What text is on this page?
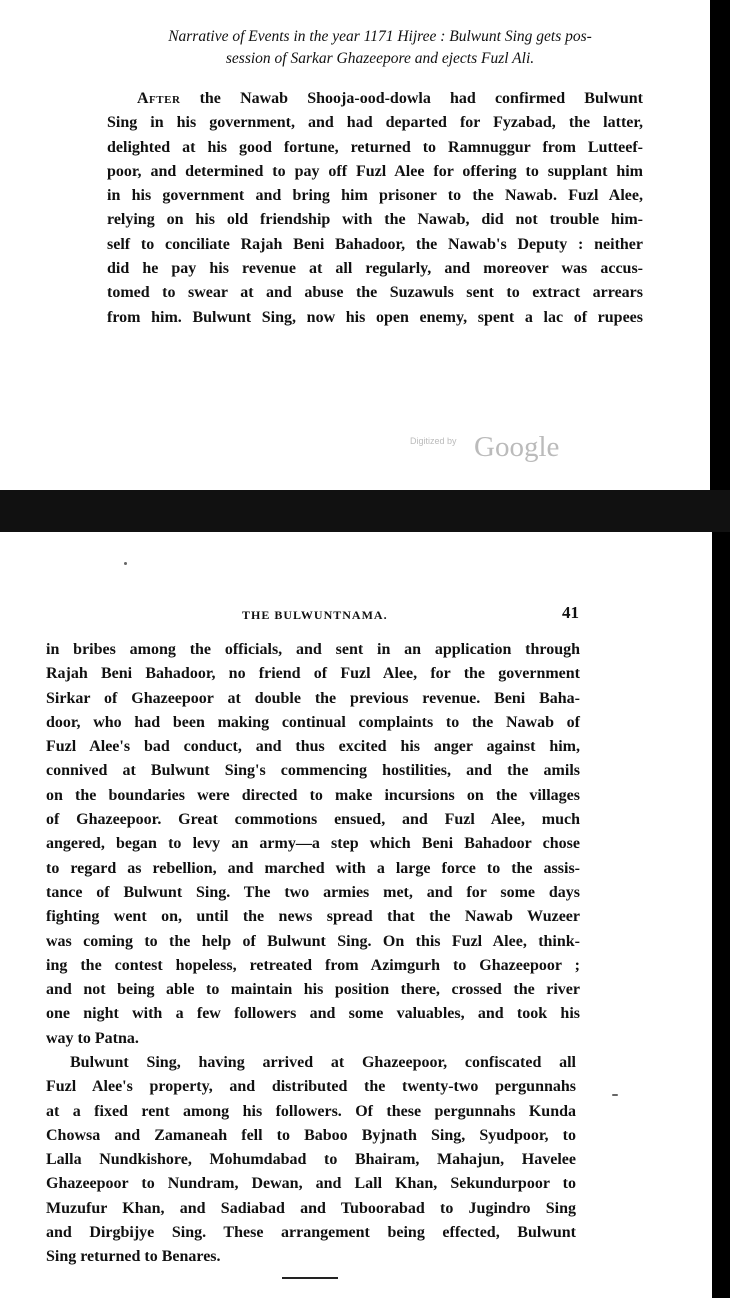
Narrative of Events in the year 1171 Hijree : Bulwunt Sing gets pos-
session of Sarkar Ghazeepore and ejects Fuzl Ali.

After the Nawab Shooja-ood-dowla had confirmed Bulwunt
Sing in his government, and had departed for Fyzabad, the latter,
delighted at his good fortune, returned to Ramnuggur from Lutteef-
poor, and determined to pay off Fuzl Alee for offering to supplant him
in his government and bring him prisoner to the Nawab. Fuzl Alee,
relying on his old friendship with the Nawab, did not trouble him-
self to conciliate Rajah Beni Bahadoor, the Nawab's Deputy : neither
did he pay his revenue at all regularly, and moreover was accus-
tomed to swear at and abuse the Suzawuls sent to extract arrears
from him. Bulwunt Sing, now his open enemy, spent a lac of rupees

Digitized by Google
THE BULWUNTNAMA.	41

in bribes among the officials, and sent in an application through
Rajah Beni Bahadoor, no friend of Fuzl Alee, for the government
Sirkar of Ghazeepoor at double the previous revenue. Beni Baha-
door, who had been making continual complaints to the Nawab of
Fuzl Alee's bad conduct, and thus excited his anger against him,
connived at Bulwunt Sing's commencing hostilities, and the amils
on the boundaries were directed to make incursions on the villages
of Ghazeepoor. Great commotions ensued, and Fuzl Alee, much
angered, began to levy an army—a step which Beni Bahadoor chose
to regard as rebellion, and marched with a large force to the assis-
tance of Bulwunt Sing. The two armies met, and for some days
fighting went on, until the news spread that the Nawab Wuzeer
was coming to the help of Bulwunt Sing. On this Fuzl Alee, think-
ing the contest hopeless, retreated from Azimgurh to Ghazeepoor ;
and not being able to maintain his position there, crossed the river
one night with a few followers and some valuables, and took his
way to Patna.

Bulwunt Sing, having arrived at Ghazeepoor, confiscated all
Fuzl Alee's property, and distributed the twenty-two pergunnahs
at a fixed rent among his followers. Of these pergunnahs Kunda
Chowsa and Zamaneah fell to Baboo Byjnath Sing, Syudpoor, to
Lalla Nundkishore, Mohumdabad to Bhairam, Mahajun, Havelee
Ghazeepoor to Nundram, Dewan, and Lall Khan, Sekundurpoor to
Muzufur Khan, and Sadiabad and Tuboorabad to Jugindro Sing
and Dirgbijye Sing. These arrangement being effected, Bulwunt
Sing returned to Benares.
